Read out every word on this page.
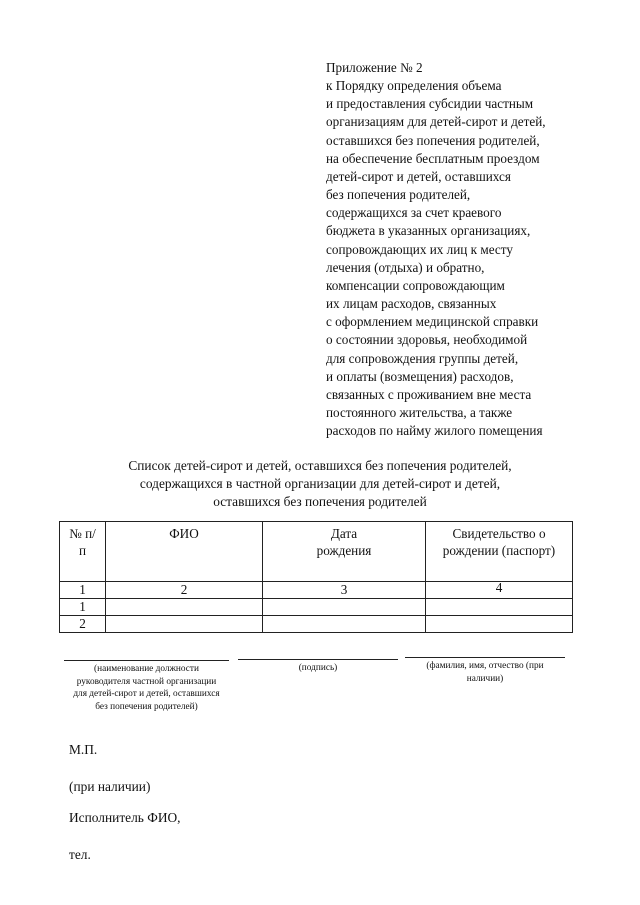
Приложение № 2
к Порядку определения объема
и предоставления субсидии частным
организациям для детей-сирот и детей,
оставшихся без попечения родителей,
на обеспечение бесплатным проездом
детей-сирот и детей, оставшихся
без попечения родителей,
содержащихся за счет краевого
бюджета в указанных организациях,
сопровождающих их лиц к месту
лечения (отдыха) и обратно,
компенсации сопровождающим
их лицам расходов, связанных
с оформлением медицинской справки
о состоянии здоровья, необходимой
для сопровождения группы детей,
и оплаты (возмещения) расходов,
связанных с проживанием вне места
постоянного жительства, а также
расходов по найму жилого помещения
Список детей-сирот и детей, оставшихся без попечения родителей,
содержащихся в частной организации для детей-сирот и детей,
оставшихся без попечения родителей
№ п/п	ФИО	Дата рождения	Свидетельство о рождении (паспорт)
1	2	3	4
1			
2			
(наименование должности руководителя частной организации для детей-сирот и детей, оставшихся без попечения родителей)
(подпись)	(фамилия, имя, отчество (при наличии)
М.П.
(при наличии)
Исполнитель ФИО,
тел.
